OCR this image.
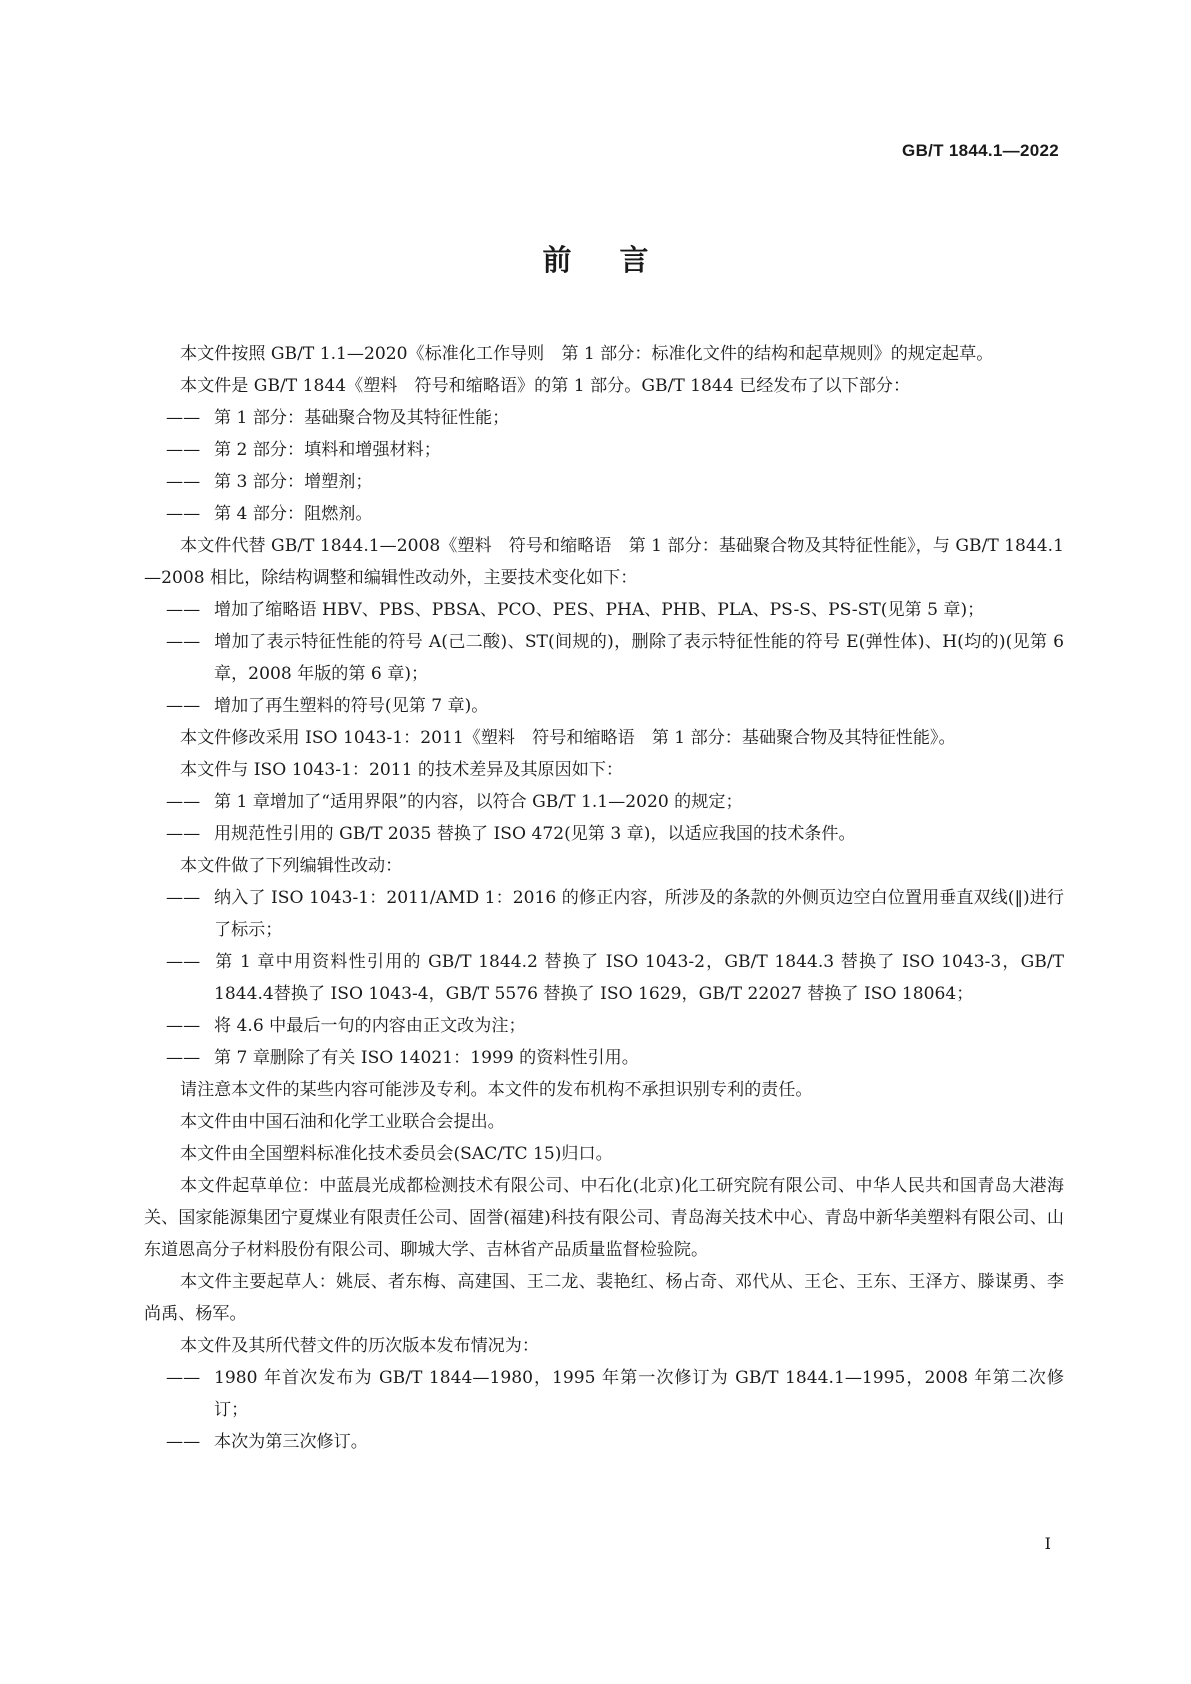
GB/T 1844.1—2022
前言

本文件按照 GB/T 1.1—2020《标准化工作导则　第 1 部分：标准化文件的结构和起草规则》的规定起草。

本文件是 GB/T 1844《塑料　符号和缩略语》的第 1 部分。GB/T 1844 已经发布了以下部分：

—— 第 1 部分：基础聚合物及其特征性能；

—— 第 2 部分：填料和增强材料；

—— 第 3 部分：增塑剂；

—— 第 4 部分：阻燃剂。

本文件代替 GB/T 1844.1—2008《塑料　符号和缩略语　第 1 部分：基础聚合物及其特征性能》，与 GB/T 1844.1—2008 相比，除结构调整和编辑性改动外，主要技术变化如下：

—— 增加了缩略语 HBV、PBS、PBSA、PCO、PES、PHA、PHB、PLA、PS-S、PS-ST(见第 5 章)；

—— 增加了表示特征性能的符号 A(己二酸)、ST(间规的)，删除了表示特征性能的符号 E(弹性体)、H(均的)(见第 6 章，2008 年版的第 6 章)；

—— 增加了再生塑料的符号(见第 7 章)。

本文件修改采用 ISO 1043-1：2011《塑料　符号和缩略语　第 1 部分：基础聚合物及其特征性能》。

本文件与 ISO 1043-1：2011 的技术差异及其原因如下：

—— 第 1 章增加了“适用界限”的内容，以符合 GB/T 1.1—2020 的规定；

—— 用规范性引用的 GB/T 2035 替换了 ISO 472(见第 3 章)，以适应我国的技术条件。

本文件做了下列编辑性改动：

—— 纳入了 ISO 1043-1：2011/AMD 1：2016 的修正内容，所涉及的条款的外侧页边空白位置用垂直双线(‖)进行了标示；

—— 第 1 章中用资料性引用的 GB/T 1844.2 替换了 ISO 1043-2，GB/T 1844.3 替换了 ISO 1043-3，GB/T 1844.4替换了 ISO 1043-4，GB/T 5576 替换了 ISO 1629，GB/T 22027 替换了 ISO 18064；

—— 将 4.6 中最后一句的内容由正文改为注；

—— 第 7 章删除了有关 ISO 14021：1999 的资料性引用。

请注意本文件的某些内容可能涉及专利。本文件的发布机构不承担识别专利的责任。

本文件由中国石油和化学工业联合会提出。

本文件由全国塑料标准化技术委员会(SAC/TC 15)归口。

本文件起草单位：中蓝晨光成都检测技术有限公司、中石化(北京)化工研究院有限公司、中华人民共和国青岛大港海关、国家能源集团宁夏煤业有限责任公司、固誉(福建)科技有限公司、青岛海关技术中心、青岛中新华美塑料有限公司、山东道恩高分子材料股份有限公司、聊城大学、吉林省产品质量监督检验院。

本文件主要起草人：姚辰、者东梅、高建国、王二龙、裴艳红、杨占奇、邓代从、王仑、王东、王泽方、滕谋勇、李尚禹、杨军。

本文件及其所代替文件的历次版本发布情况为：

—— 1980 年首次发布为 GB/T 1844—1980，1995 年第一次修订为 GB/T 1844.1—1995，2008 年第二次修订；

—— 本次为第三次修订。

I
